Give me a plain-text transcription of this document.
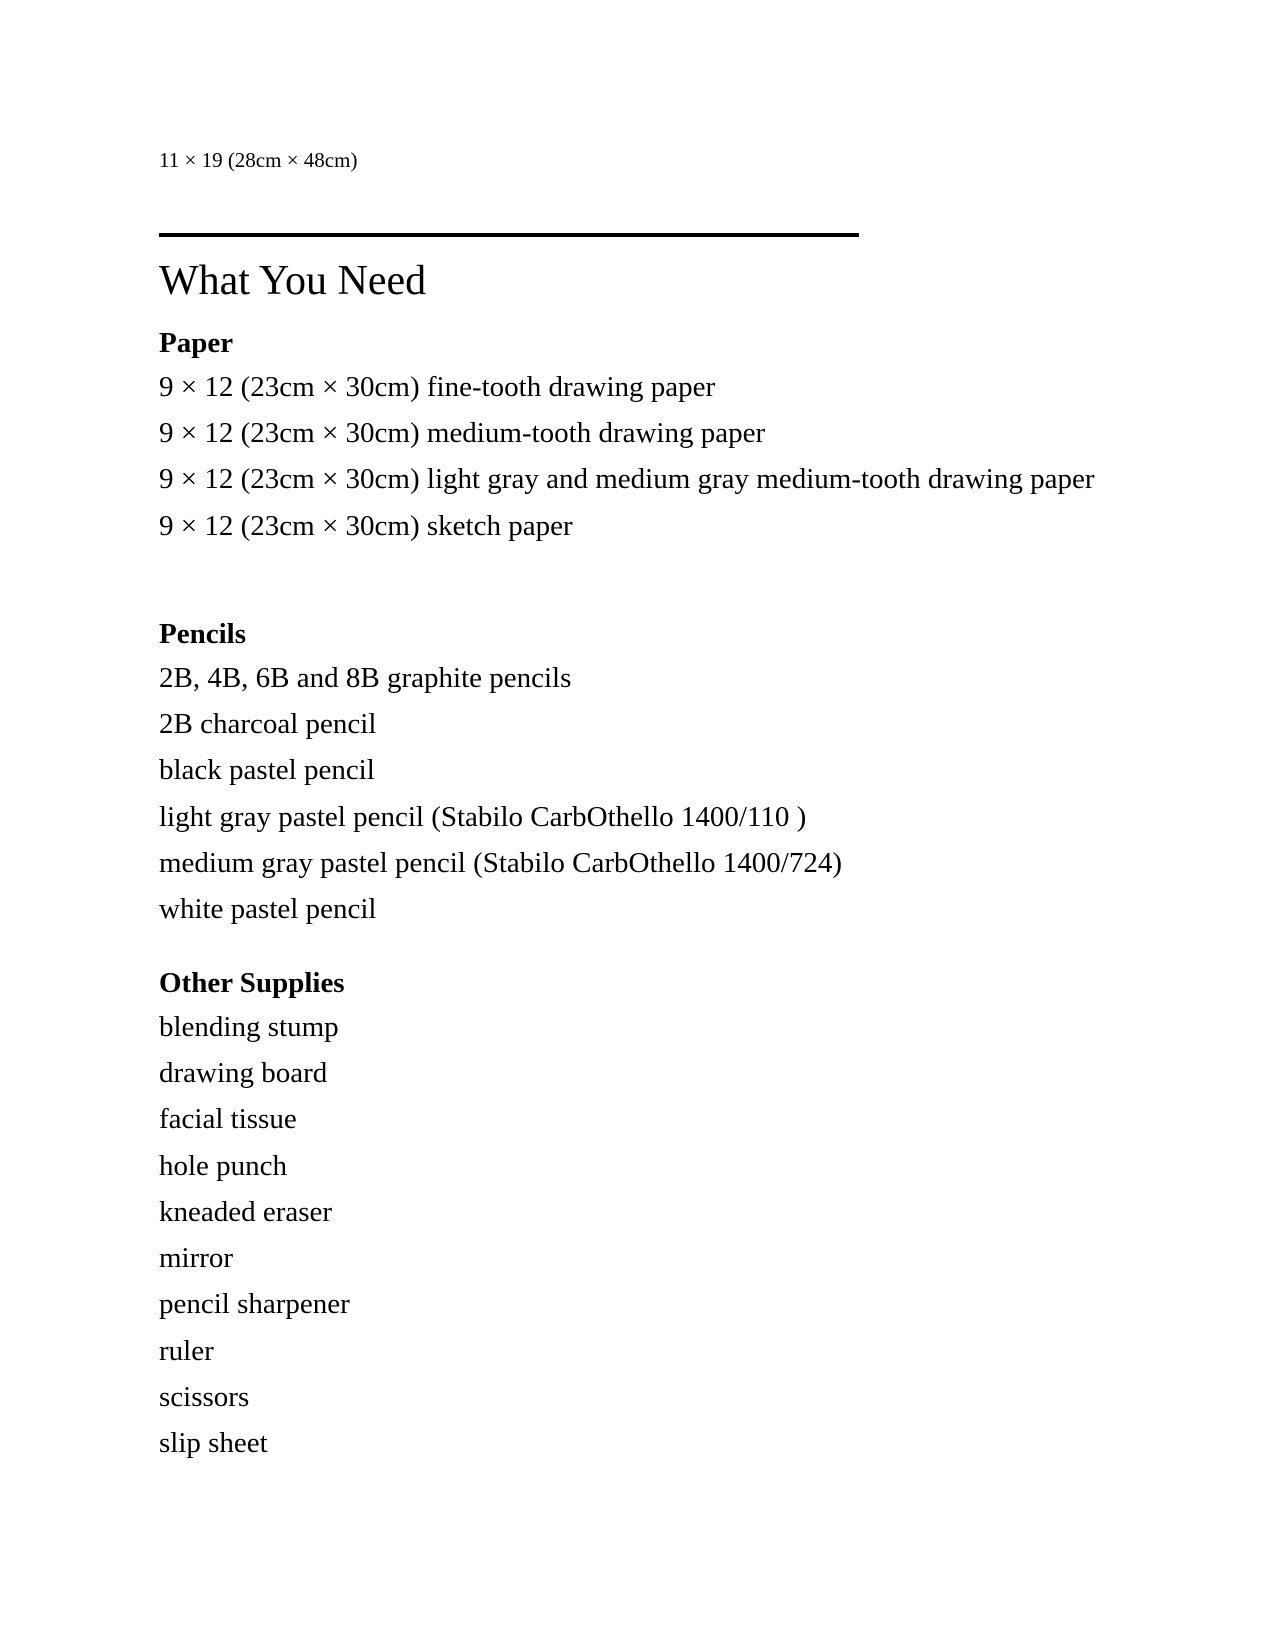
11 × 19 (28cm × 48cm)
What You Need
Paper
9 × 12 (23cm × 30cm) fine-tooth drawing paper
9 × 12 (23cm × 30cm) medium-tooth drawing paper
9 × 12 (23cm × 30cm) light gray and medium gray medium-tooth drawing paper
9 × 12 (23cm × 30cm) sketch paper
Pencils
2B, 4B, 6B and 8B graphite pencils
2B charcoal pencil
black pastel pencil
light gray pastel pencil (Stabilo CarbOthello 1400/110 )
medium gray pastel pencil (Stabilo CarbOthello 1400/724)
white pastel pencil
Other Supplies
blending stump
drawing board
facial tissue
hole punch
kneaded eraser
mirror
pencil sharpener
ruler
scissors
slip sheet
